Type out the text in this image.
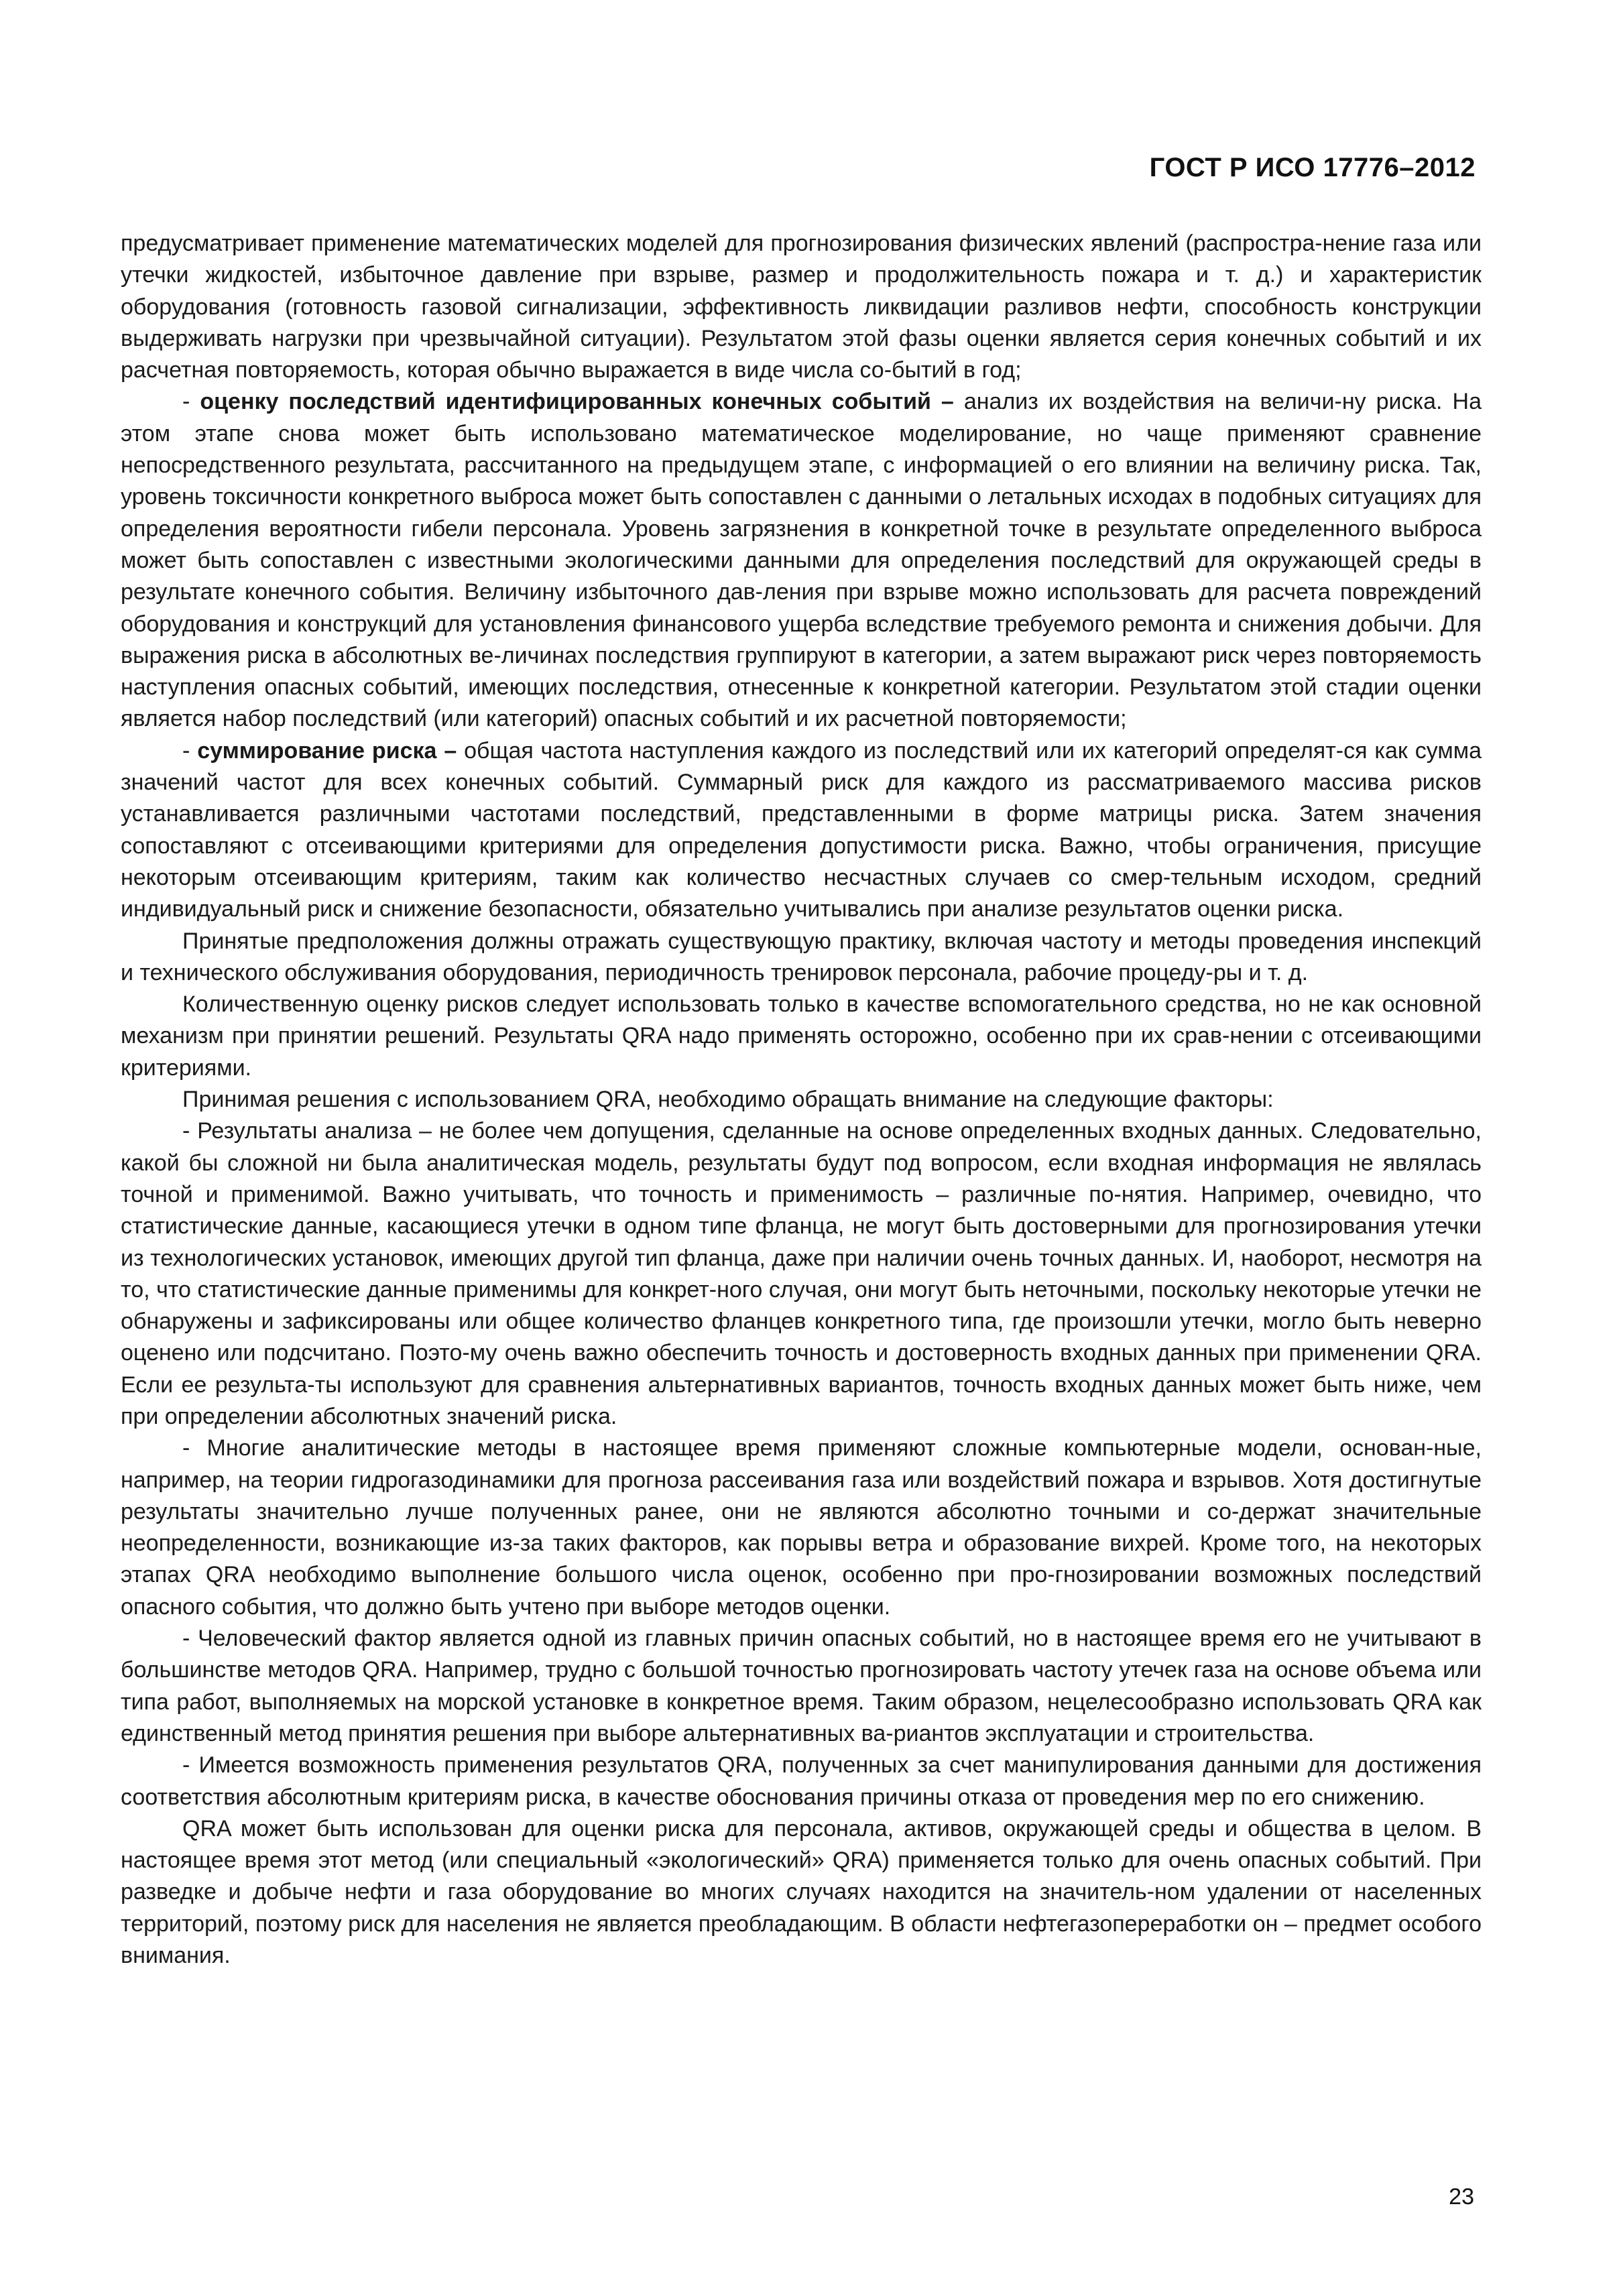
ГОСТ Р ИСО 17776–2012

предусматривает применение математических моделей для прогнозирования физических явлений (распростра-нение газа или утечки жидкостей, избыточное давление при взрыве, размер и продолжительность пожара и т. д.) и характеристик оборудования (готовность газовой сигнализации, эффективность ликвидации разливов нефти, способность конструкции выдерживать нагрузки при чрезвычайной ситуации). Результатом этой фазы оценки является серия конечных событий и их расчетная повторяемость, которая обычно выражается в виде числа со-бытий в год;

- оценку последствий идентифицированных конечных событий – анализ их воздействия на величи-ну риска. На этом этапе снова может быть использовано математическое моделирование, но чаще применяют сравнение непосредственного результата, рассчитанного на предыдущем этапе, с информацией о его влиянии на величину риска. Так, уровень токсичности конкретного выброса может быть сопоставлен с данными о летальных исходах в подобных ситуациях для определения вероятности гибели персонала. Уровень загрязнения в конкретной точке в результате определенного выброса может быть сопоставлен с известными экологическими данными для определения последствий для окружающей среды в результате конечного события. Величину избыточного дав-ления при взрыве можно использовать для расчета повреждений оборудования и конструкций для установления финансового ущерба вследствие требуемого ремонта и снижения добычи. Для выражения риска в абсолютных ве-личинах последствия группируют в категории, а затем выражают риск через повторяемость наступления опасных событий, имеющих последствия, отнесенные к конкретной категории. Результатом этой стадии оценки является набор последствий (или категорий) опасных событий и их расчетной повторяемости;

- суммирование риска – общая частота наступления каждого из последствий или их категорий определят-ся как сумма значений частот для всех конечных событий. Суммарный риск для каждого из рассматриваемого массива рисков устанавливается различными частотами последствий, представленными в форме матрицы риска. Затем значения сопоставляют с отсеивающими критериями для определения допустимости риска. Важно, чтобы ограничения, присущие некоторым отсеивающим критериям, таким как количество несчастных случаев со смер-тельным исходом, средний индивидуальный риск и снижение безопасности, обязательно учитывались при анализе результатов оценки риска.

Принятые предположения должны отражать существующую практику, включая частоту и методы проведения инспекций и технического обслуживания оборудования, периодичность тренировок персонала, рабочие процеду-ры и т. д.

Количественную оценку рисков следует использовать только в качестве вспомогательного средства, но не как основной механизм при принятии решений. Результаты QRA надо применять осторожно, особенно при их срав-нении с отсеивающими критериями.

Принимая решения с использованием QRA, необходимо обращать внимание на следующие факторы:

- Результаты анализа – не более чем допущения, сделанные на основе определенных входных данных. Следовательно, какой бы сложной ни была аналитическая модель, результаты будут под вопросом, если входная информация не являлась точной и применимой. Важно учитывать, что точность и применимость – различные по-нятия. Например, очевидно, что статистические данные, касающиеся утечки в одном типе фланца, не могут быть достоверными для прогнозирования утечки из технологических установок, имеющих другой тип фланца, даже при наличии очень точных данных. И, наоборот, несмотря на то, что статистические данные применимы для конкрет-ного случая, они могут быть неточными, поскольку некоторые утечки не обнаружены и зафиксированы или общее количество фланцев конкретного типа, где произошли утечки, могло быть неверно оценено или подсчитано. Поэто-му очень важно обеспечить точность и достоверность входных данных при применении QRA. Если ее результа-ты используют для сравнения альтернативных вариантов, точность входных данных может быть ниже, чем при определении абсолютных значений риска.

- Многие аналитические методы в настоящее время применяют сложные компьютерные модели, основан-ные, например, на теории гидрогазодинамики для прогноза рассеивания газа или воздействий пожара и взрывов. Хотя достигнутые результаты значительно лучше полученных ранее, они не являются абсолютно точными и со-держат значительные неопределенности, возникающие из-за таких факторов, как порывы ветра и образование вихрей. Кроме того, на некоторых этапах QRA необходимо выполнение большого числа оценок, особенно при про-гнозировании возможных последствий опасного события, что должно быть учтено при выборе методов оценки.

- Человеческий фактор является одной из главных причин опасных событий, но в настоящее время его не учитывают в большинстве методов QRA. Например, трудно с большой точностью прогнозировать частоту утечек газа на основе объема или типа работ, выполняемых на морской установке в конкретное время. Таким образом, нецелесообразно использовать QRA как единственный метод принятия решения при выборе альтернативных ва-риантов эксплуатации и строительства.

- Имеется возможность применения результатов QRA, полученных за счет манипулирования данными для достижения соответствия абсолютным критериям риска, в качестве обоснования причины отказа от проведения мер по его снижению.

QRA может быть использован для оценки риска для персонала, активов, окружающей среды и общества в целом. В настоящее время этот метод (или специальный «экологический» QRA) применяется только для очень опасных событий. При разведке и добыче нефти и газа оборудование во многих случаях находится на значитель-ном удалении от населенных территорий, поэтому риск для населения не является преобладающим. В области нефтегазопереработки он – предмет особого внимания.

23
